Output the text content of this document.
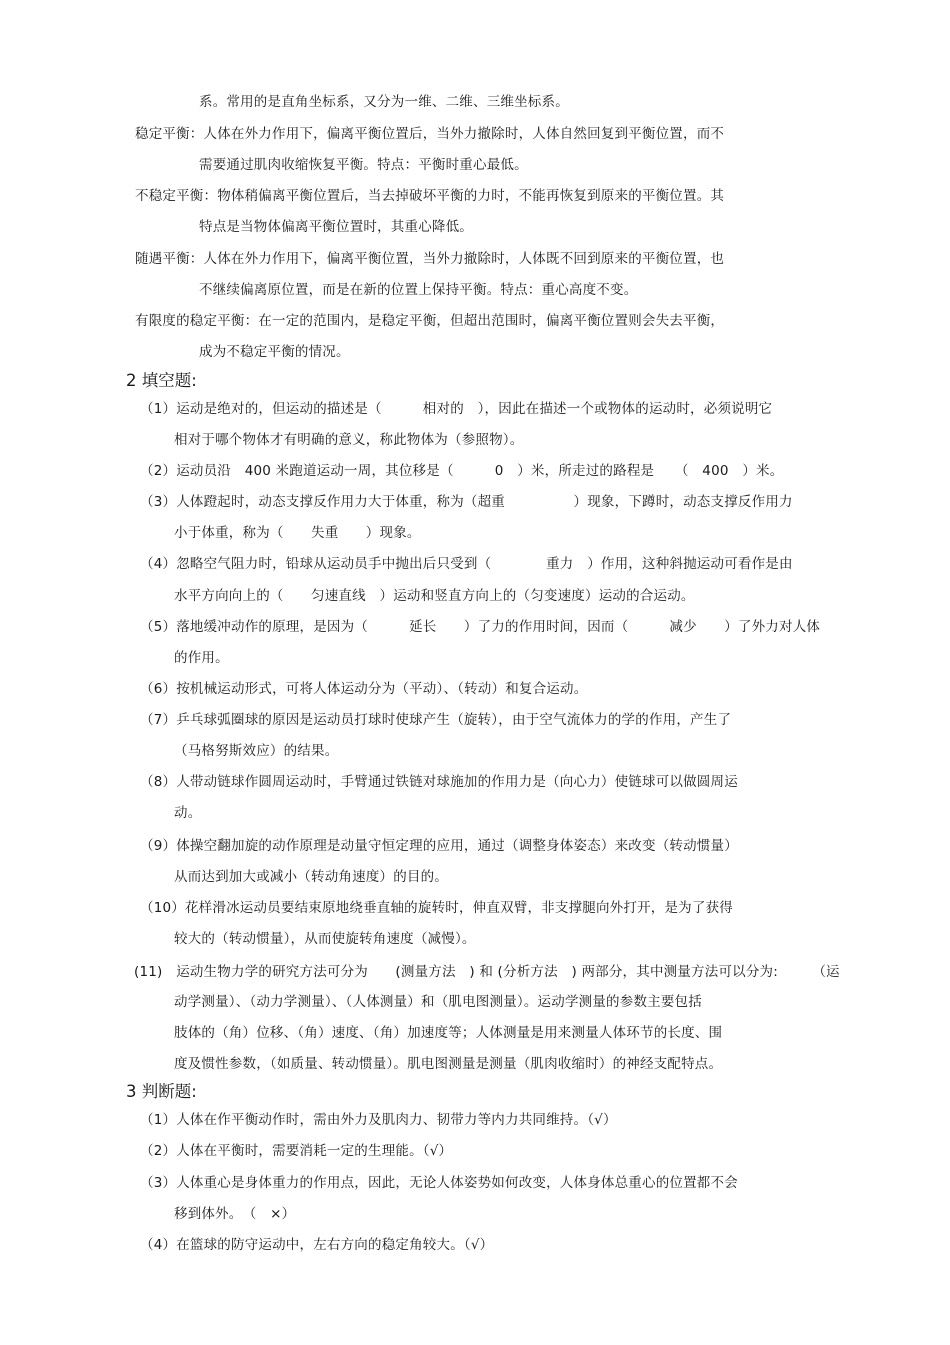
系。常用的是直角坐标系，又分为一维、二维、三维坐标系。
稳定平衡：人体在外力作用下，偏离平衡位置后，当外力撤除时，人体自然回复到平衡位置，而不
需要通过肌肉收缩恢复平衡。特点：平衡时重心最低。
不稳定平衡：物体稍偏离平衡位置后，当去掉破坏平衡的力时，不能再恢复到原来的平衡位置。其
特点是当物体偏离平衡位置时，其重心降低。
随遇平衡：人体在外力作用下，偏离平衡位置，当外力撤除时，人体既不回到原来的平衡位置，也
不继续偏离原位置，而是在新的位置上保持平衡。特点：重心高度不变。
有限度的稳定平衡：在一定的范围内，是稳定平衡，但超出范围时，偏离平衡位置则会失去平衡，
成为不稳定平衡的情况。
2 填空题:
（1）运动是绝对的，但运动的描述是（　　　相对的　），因此在描述一个或物体的运动时，必须说明它
相对于哪个物体才有明确的意义，称此物体为（参照物）。
（2）运动员沿　400 米跑道运动一周，其位移是（　　　0　）米，所走过的路程是　　（　400　）米。
（3）人体蹬起时，动态支撑反作用力大于体重，称为（超重　　　　　）现象，下蹲时，动态支撑反作用力
小于体重，称为（　　失重　　）现象。
（4）忽略空气阻力时，铅球从运动员手中抛出后只受到（　　　　重力　）作用，这种斜抛运动可看作是由
水平方向向上的（　　匀速直线　）运动和竖直方向上的（匀变速度）运动的合运动。
（5）落地缓冲动作的原理，是因为（　　　延长　　）了力的作用时间，因而（　　　减少　　）了外力对人体
的作用。
（6）按机械运动形式，可将人体运动分为（平动）、（转动）和复合运动。
（7）乒乓球弧圈球的原因是运动员打球时使球产生（旋转），由于空气流体力的学的作用，产生了
（马格努斯效应）的结果。
（8）人带动链球作圆周运动时，手臂通过铁链对球施加的作用力是（向心力）使链球可以做圆周运
动。
（9）体操空翻加旋的动作原理是动量守恒定理的应用，通过（调整身体姿态）来改变（转动惯量）
从而达到加大或减小（转动角速度）的目的。
（10）花样滑冰运动员要结束原地绕垂直轴的旋转时，伸直双臂，非支撑腿向外打开，是为了获得
较大的（转动惯量），从而使旋转角速度（减慢）。
(11)　运动生物力学的研究方法可分为　　(测量方法　) 和 (分析方法　) 两部分，其中测量方法可以分为:　　　（运
动学测量）、（动力学测量）、（人体测量）和（肌电图测量）。运动学测量的参数主要包括
肢体的（角）位移、（角）速度、（角）加速度等；人体测量是用来测量人体环节的长度、围
度及惯性参数，（如质量、转动惯量）。肌电图测量是测量（肌肉收缩时）的神经支配特点。
3 判断题:
（1）人体在作平衡动作时，需由外力及肌肉力、韧带力等内力共同维持。（√）
（2）人体在平衡时，需要消耗一定的生理能。（√）
（3）人体重心是身体重力的作用点，因此，无论人体姿势如何改变，人体身体总重心的位置都不会
移到体外。　（　×）
（4）在篮球的防守运动中，左右方向的稳定角较大。（√）
